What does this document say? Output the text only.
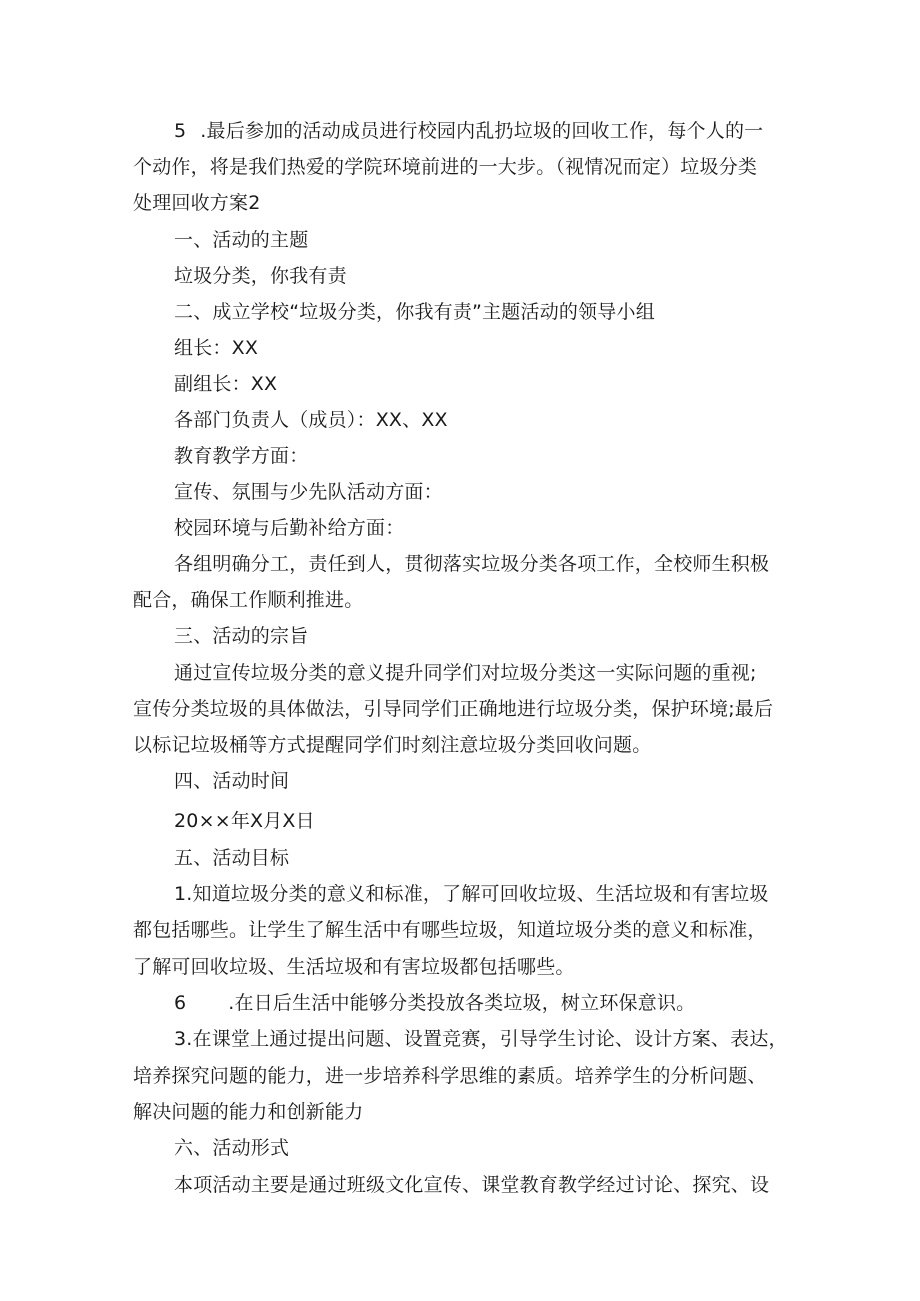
5 .最后参加的活动成员进行校园内乱扔垃圾的回收工作，每个人的一
个动作，将是我们热爱的学院环境前进的一大步。（视情况而定）垃圾分类
处理回收方案2
一、活动的主题
垃圾分类，你我有责
二、成立学校“垃圾分类，你我有责”主题活动的领导小组
组长：XX
副组长：XX
各部门负责人（成员）：XX、XX
教育教学方面：
宣传、氛围与少先队活动方面：
校园环境与后勤补给方面：
各组明确分工，责任到人，贯彻落实垃圾分类各项工作，全校师生积极
配合，确保工作顺利推进。
三、活动的宗旨
通过宣传垃圾分类的意义提升同学们对垃圾分类这一实际问题的重视;
宣传分类垃圾的具体做法，引导同学们正确地进行垃圾分类，保护环境;最后
以标记垃圾桶等方式提醒同学们时刻注意垃圾分类回收问题。
四、活动时间
20××年X月X日
五、活动目标
1.知道垃圾分类的意义和标准，了解可回收垃圾、生活垃圾和有害垃圾
都包括哪些。让学生了解生活中有哪些垃圾，知道垃圾分类的意义和标准，
了解可回收垃圾、生活垃圾和有害垃圾都包括哪些。
6 .在日后生活中能够分类投放各类垃圾，树立环保意识。
3.在课堂上通过提出问题、设置竞赛，引导学生讨论、设计方案、表达，
培养探究问题的能力，进一步培养科学思维的素质。培养学生的分析问题、
解决问题的能力和创新能力
六、活动形式
本项活动主要是通过班级文化宣传、课堂教育教学经过讨论、探究、设
